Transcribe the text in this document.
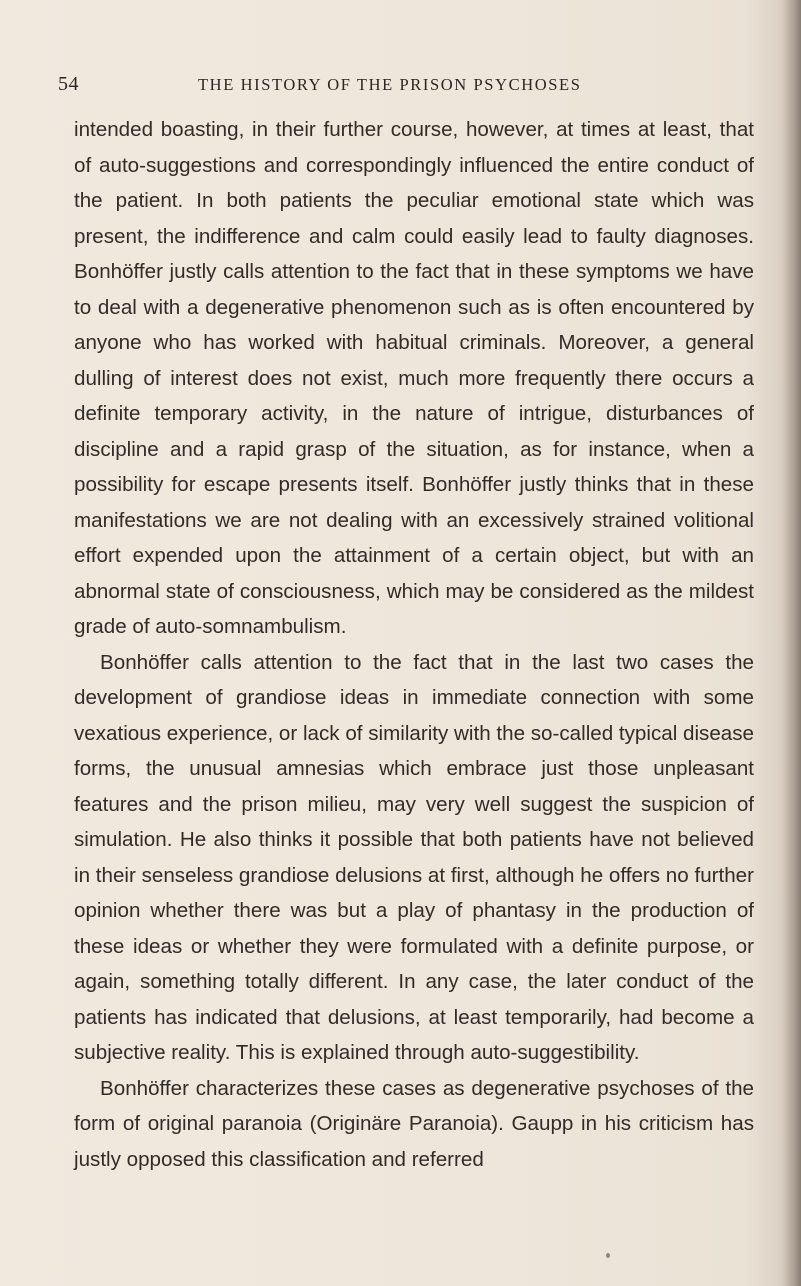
54	THE HISTORY OF THE PRISON PSYCHOSES

intended boasting, in their further course, however, at times at least, that of auto-suggestions and correspondingly influenced the entire conduct of the patient. In both patients the peculiar emotional state which was present, the indifference and calm could easily lead to faulty diagnoses. Bonhöffer justly calls attention to the fact that in these symptoms we have to deal with a degenerative phenomenon such as is often encountered by anyone who has worked with habitual criminals. Moreover, a general dulling of interest does not exist, much more frequently there occurs a definite temporary activity, in the nature of intrigue, disturbances of discipline and a rapid grasp of the situation, as for instance, when a possibility for escape presents itself. Bonhöffer justly thinks that in these manifestations we are not dealing with an excessively strained volitional effort expended upon the attainment of a certain object, but with an abnormal state of consciousness, which may be considered as the mildest grade of auto-somnambulism.

Bonhöffer calls attention to the fact that in the last two cases the development of grandiose ideas in immediate connection with some vexatious experience, or lack of similarity with the so-called typical disease forms, the unusual amnesias which embrace just those unpleasant features and the prison milieu, may very well suggest the suspicion of simulation. He also thinks it possible that both patients have not believed in their senseless grandiose delusions at first, although he offers no further opinion whether there was but a play of phantasy in the production of these ideas or whether they were formulated with a definite purpose, or again, something totally different. In any case, the later conduct of the patients has indicated that delusions, at least temporarily, had become a subjective reality. This is explained through auto-suggestibility.

Bonhöffer characterizes these cases as degenerative psychoses of the form of original paranoia (Originäre Paranoia). Gaupp in his criticism has justly opposed this classification and referred
